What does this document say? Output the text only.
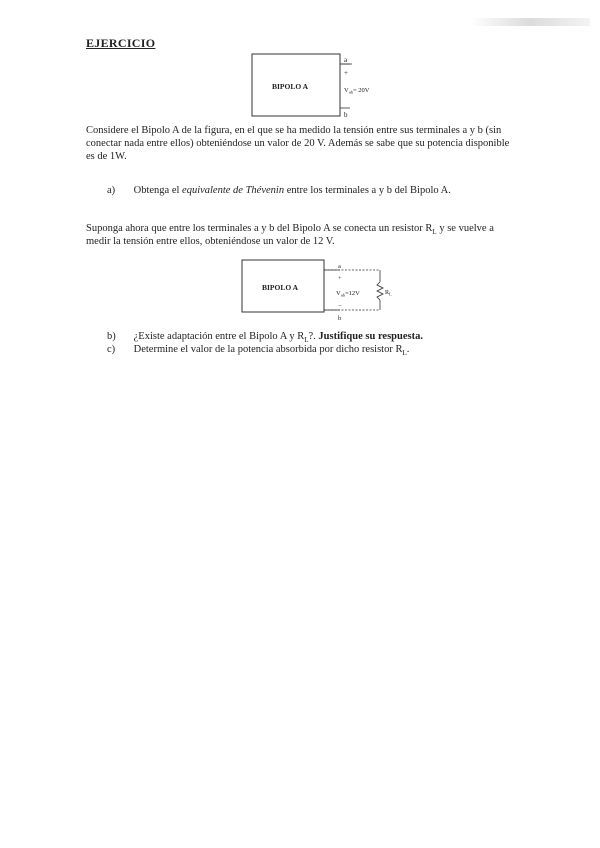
EJERCICIO
BIPOLO A
a
+
$V_{ab}= 20V$
b

Considere el Bipolo A de la figura, en el que se ha medido la tensión entre sus terminales a y b (sin

conectar nada entre ellos) obteniéndose un valor de 20 V. Además se sabe que su potencia disponible

es de 1W.

a) Obtenga el equivalente de Thévenin entre los terminales a y b del Bipolo A.

Suponga ahora que entre los terminales a y b del Bipolo A se conecta un resistor $R_L$ y se vuelve a

medir la tensión entre ellos, obteniéndose un valor de 12 V.

BIPOLO A
a
+
$V_{ab}=12V$	$R_L$
−
b
b) ¿Existe adaptación entre el Bipolo A y $R_L$?. Justifique su respuesta.
c) Determine el valor de la potencia absorbida por dicho resistor $R_L$.
